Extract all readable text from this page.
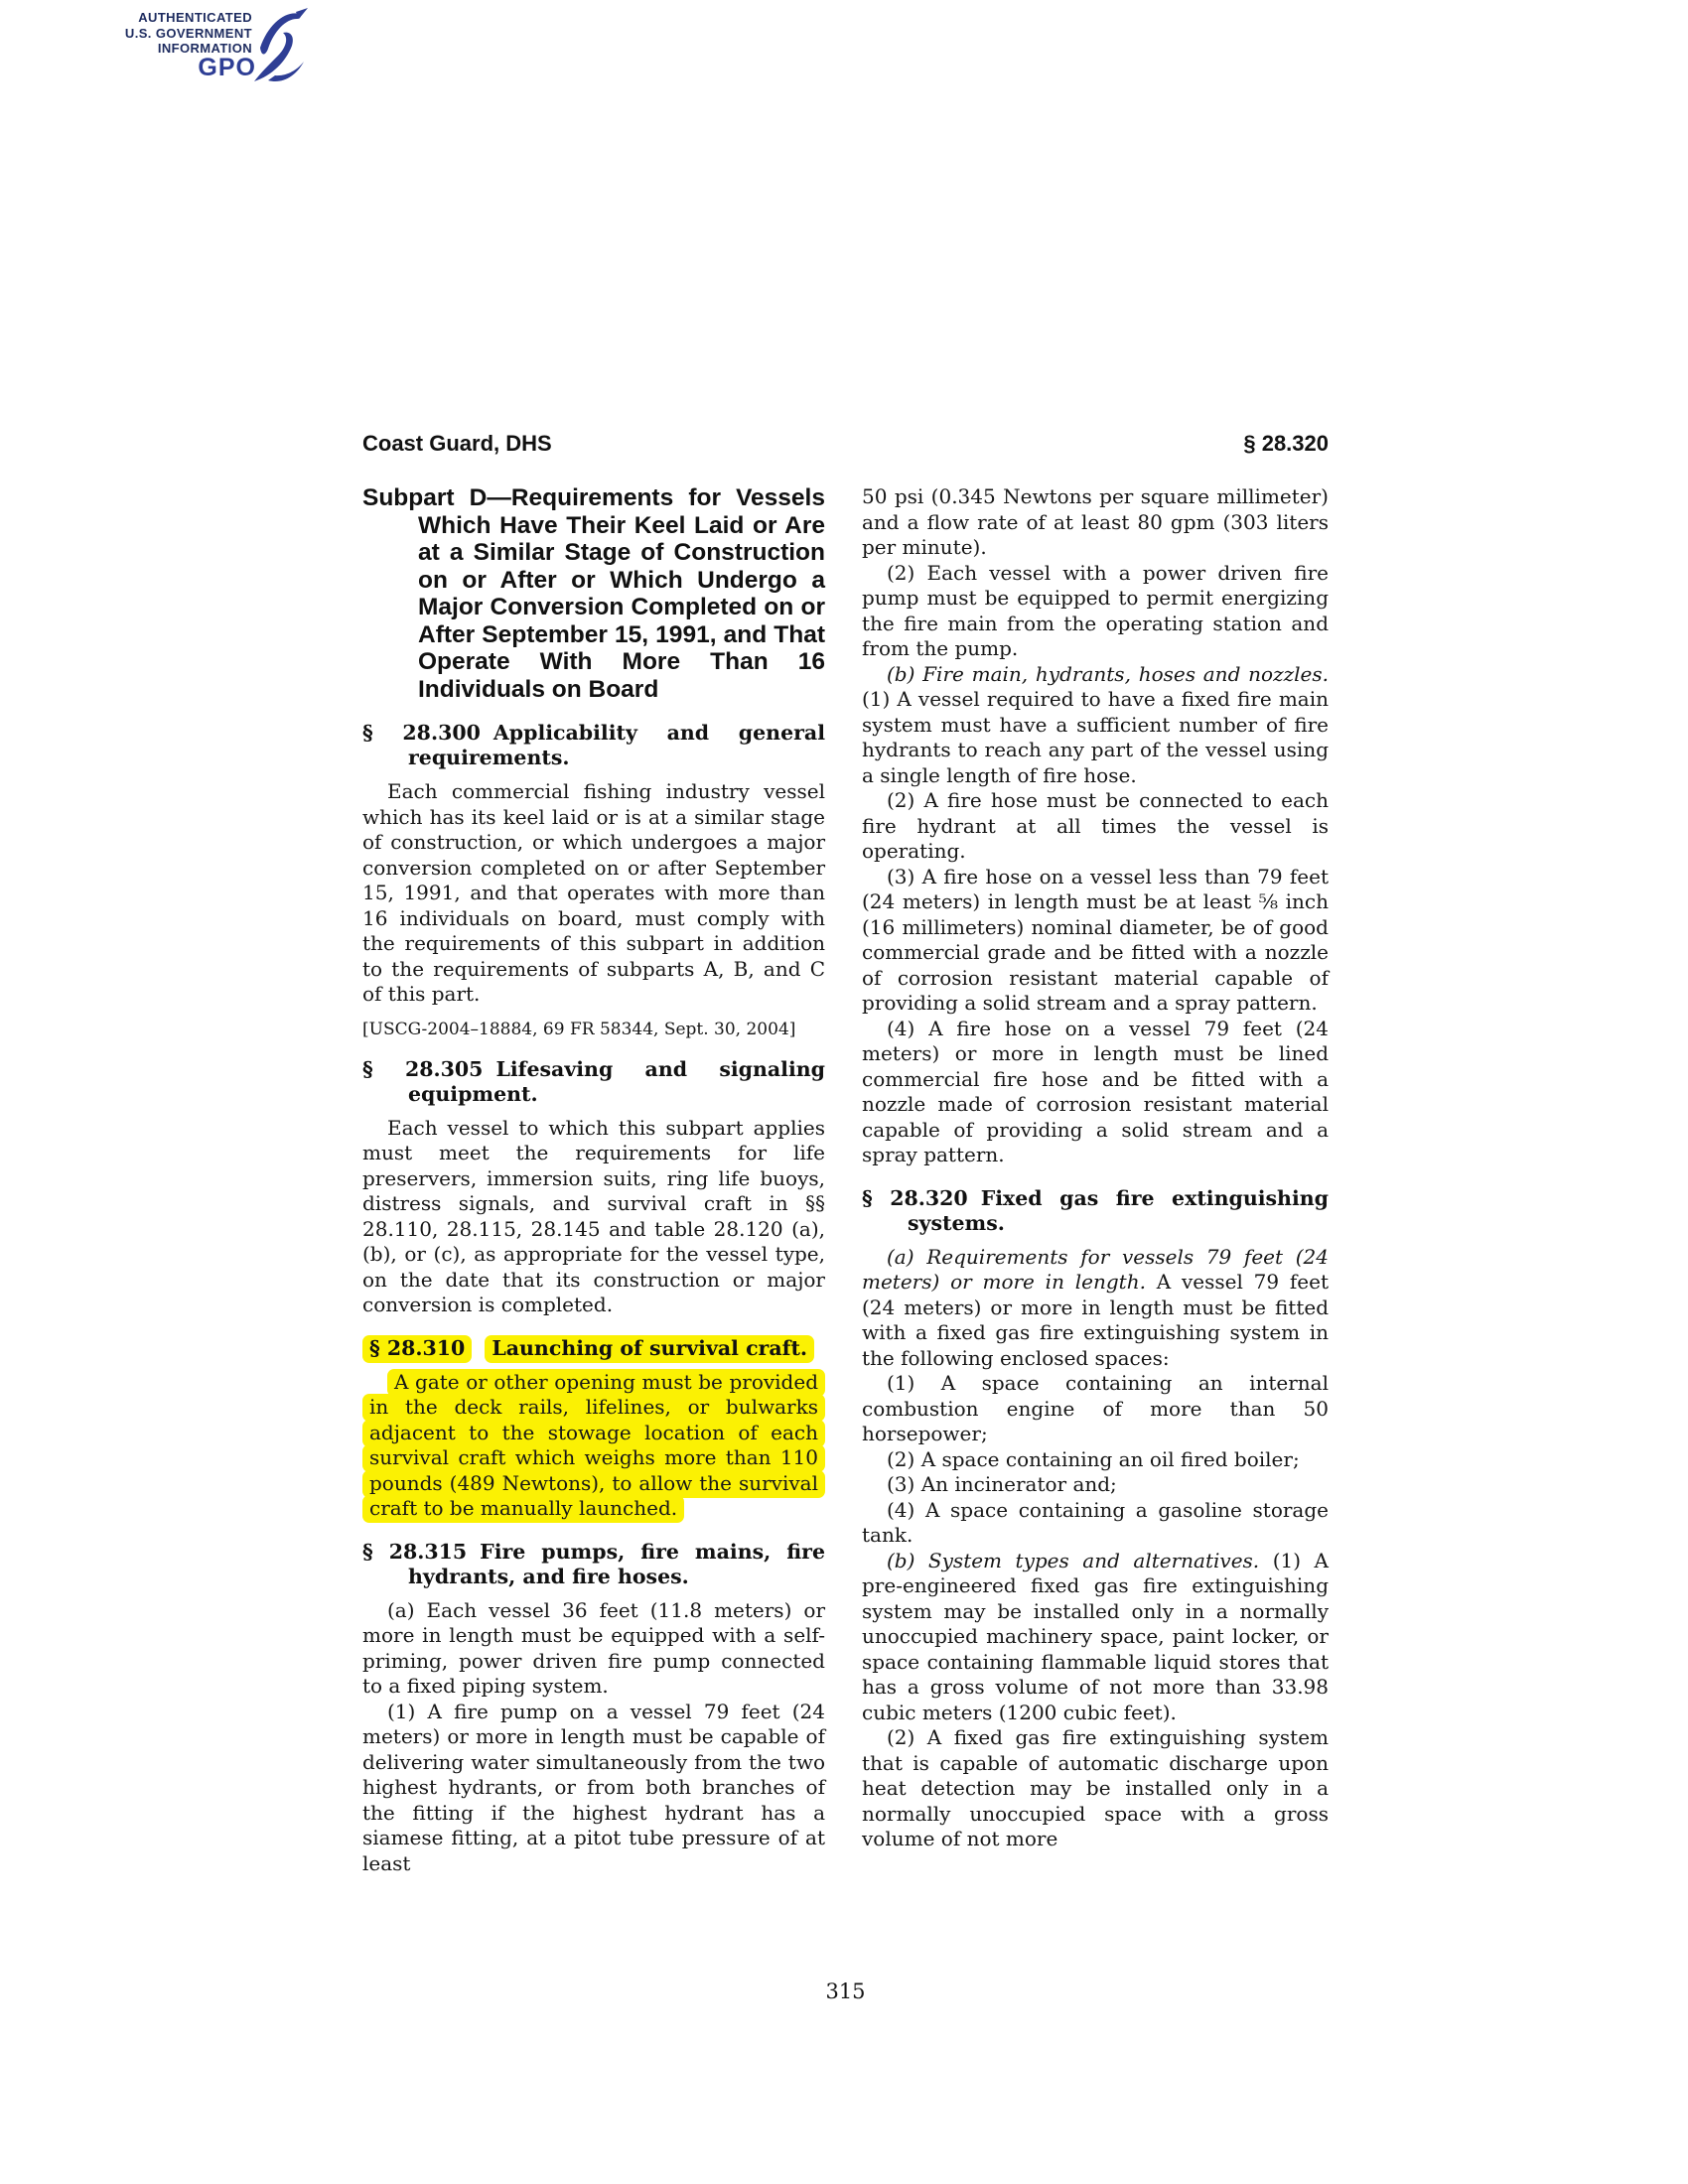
AUTHENTICATED
U.S. GOVERNMENT
INFORMATION
GPO
Coast Guard, DHS	§ 28.320
Subpart D—Requirements for Vessels Which Have Their Keel Laid or Are at a Similar Stage of Construction on or After or Which Undergo a Major Conversion Completed on or After September 15, 1991, and That Operate With More Than 16 Individuals on Board
§ 28.300 Applicability and general requirements.

Each commercial fishing industry vessel which has its keel laid or is at a similar stage of construction, or which undergoes a major conversion completed on or after September 15, 1991, and that operates with more than 16 individuals on board, must comply with the requirements of this subpart in addition to the requirements of subparts A, B, and C of this part.

[USCG-2004–18884, 69 FR 58344, Sept. 30, 2004]

§ 28.305 Lifesaving and signaling equipment.

Each vessel to which this subpart applies must meet the requirements for life preservers, immersion suits, ring life buoys, distress signals, and survival craft in §§ 28.110, 28.115, 28.145 and table 28.120 (a), (b), or (c), as appropriate for the vessel type, on the date that its construction or major conversion is completed.

§ 28.310 Launching of survival craft.

A gate or other opening must be provided in the deck rails, lifelines, or bulwarks adjacent to the stowage location of each survival craft which weighs more than 110 pounds (489 Newtons), to allow the survival craft to be manually launched.

§ 28.315 Fire pumps, fire mains, fire hydrants, and fire hoses.

(a) Each vessel 36 feet (11.8 meters) or more in length must be equipped with a self-priming, power driven fire pump connected to a fixed piping system.

(1) A fire pump on a vessel 79 feet (24 meters) or more in length must be capable of delivering water simultaneously from the two highest hydrants, or from both branches of the fitting if the highest hydrant has a siamese fitting, at a pitot tube pressure of at least

50 psi (0.345 Newtons per square millimeter) and a flow rate of at least 80 gpm (303 liters per minute).

(2) Each vessel with a power driven fire pump must be equipped to permit energizing the fire main from the operating station and from the pump.

(b) Fire main, hydrants, hoses and nozzles. (1) A vessel required to have a fixed fire main system must have a sufficient number of fire hydrants to reach any part of the vessel using a single length of fire hose.

(2) A fire hose must be connected to each fire hydrant at all times the vessel is operating.

(3) A fire hose on a vessel less than 79 feet (24 meters) in length must be at least ⅝ inch (16 millimeters) nominal diameter, be of good commercial grade and be fitted with a nozzle of corrosion resistant material capable of providing a solid stream and a spray pattern.

(4) A fire hose on a vessel 79 feet (24 meters) or more in length must be lined commercial fire hose and be fitted with a nozzle made of corrosion resistant material capable of providing a solid stream and a spray pattern.

§ 28.320 Fixed gas fire extinguishing systems.

(a) Requirements for vessels 79 feet (24 meters) or more in length. A vessel 79 feet (24 meters) or more in length must be fitted with a fixed gas fire extinguishing system in the following enclosed spaces:

(1) A space containing an internal combustion engine of more than 50 horsepower;

(2) A space containing an oil fired boiler;

(3) An incinerator and;

(4) A space containing a gasoline storage tank.

(b) System types and alternatives. (1) A pre-engineered fixed gas fire extinguishing system may be installed only in a normally unoccupied machinery space, paint locker, or space containing flammable liquid stores that has a gross volume of not more than 33.98 cubic meters (1200 cubic feet).

(2) A fixed gas fire extinguishing system that is capable of automatic discharge upon heat detection may be installed only in a normally unoccupied space with a gross volume of not more

315
